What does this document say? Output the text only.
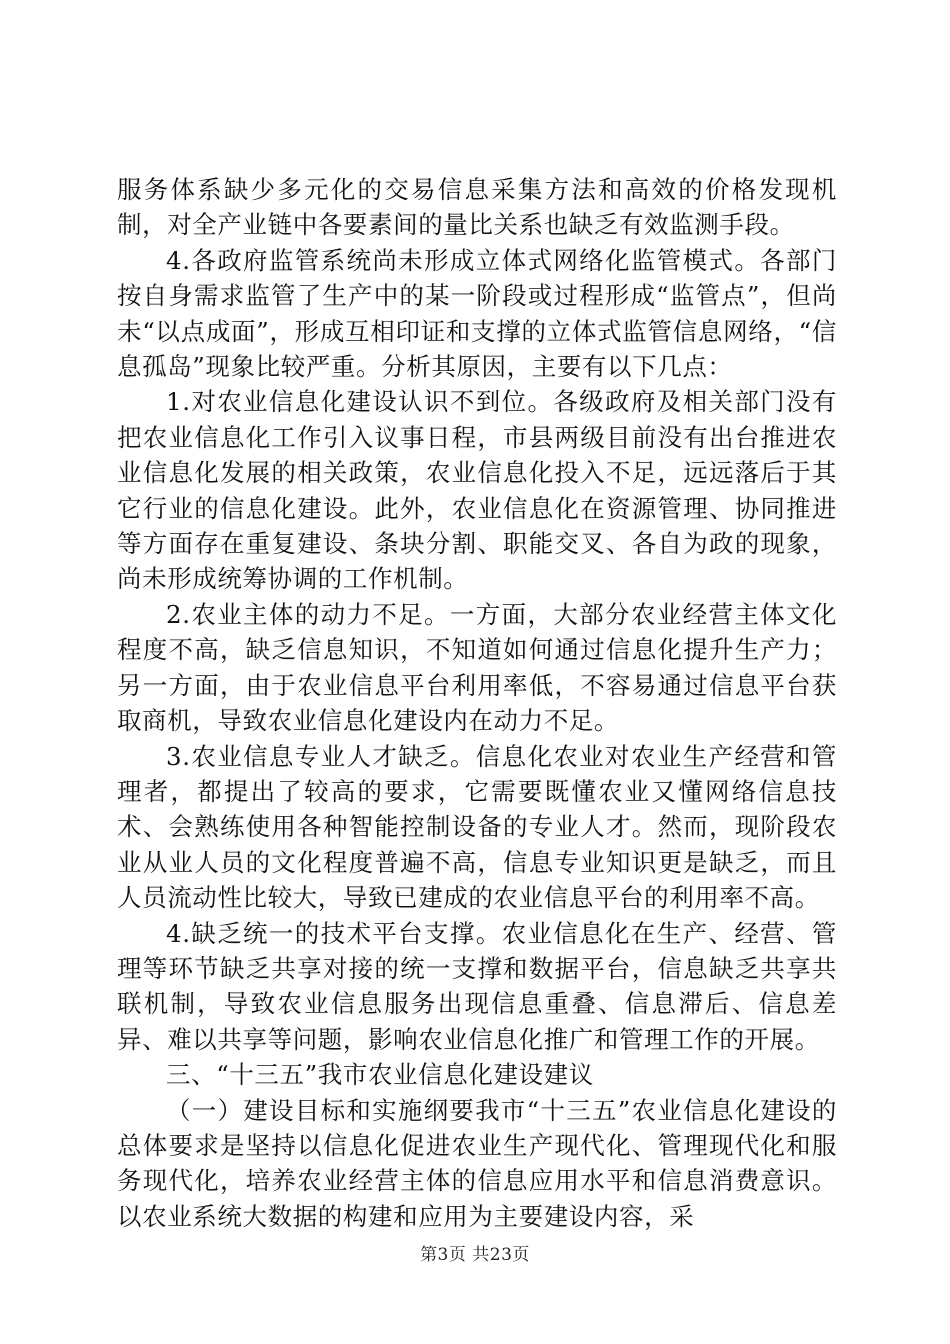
服务体系缺少多元化的交易信息采集方法和高效的价格发现机制，对全产业链中各要素间的量比关系也缺乏有效监测手段。

4.各政府监管系统尚未形成立体式网络化监管模式。各部门按自身需求监管了生产中的某一阶段或过程形成“监管点”，但尚未“以点成面”，形成互相印证和支撑的立体式监管信息网络，“信息孤岛”现象比较严重。分析其原因，主要有以下几点：

1.对农业信息化建设认识不到位。各级政府及相关部门没有把农业信息化工作引入议事日程，市县两级目前没有出台推进农业信息化发展的相关政策，农业信息化投入不足，远远落后于其它行业的信息化建设。此外，农业信息化在资源管理、协同推进等方面存在重复建设、条块分割、职能交叉、各自为政的现象，尚未形成统筹协调的工作机制。

2.农业主体的动力不足。一方面，大部分农业经营主体文化程度不高，缺乏信息知识，不知道如何通过信息化提升生产力；另一方面，由于农业信息平台利用率低，不容易通过信息平台获取商机，导致农业信息化建设内在动力不足。

3.农业信息专业人才缺乏。信息化农业对农业生产经营和管理者，都提出了较高的要求，它需要既懂农业又懂网络信息技术、会熟练使用各种智能控制设备的专业人才。然而，现阶段农业从业人员的文化程度普遍不高，信息专业知识更是缺乏，而且人员流动性比较大，导致已建成的农业信息平台的利用率不高。

4.缺乏统一的技术平台支撑。农业信息化在生产、经营、管理等环节缺乏共享对接的统一支撑和数据平台，信息缺乏共享共联机制，导致农业信息服务出现信息重叠、信息滞后、信息差异、难以共享等问题，影响农业信息化推广和管理工作的开展。

三、“十三五”我市农业信息化建设建议

（一）建设目标和实施纲要我市“十三五”农业信息化建设的总体要求是坚持以信息化促进农业生产现代化、管理现代化和服务现代化，培养农业经营主体的信息应用水平和信息消费意识。以农业系统大数据的构建和应用为主要建设内容，采

第3页 共23页
